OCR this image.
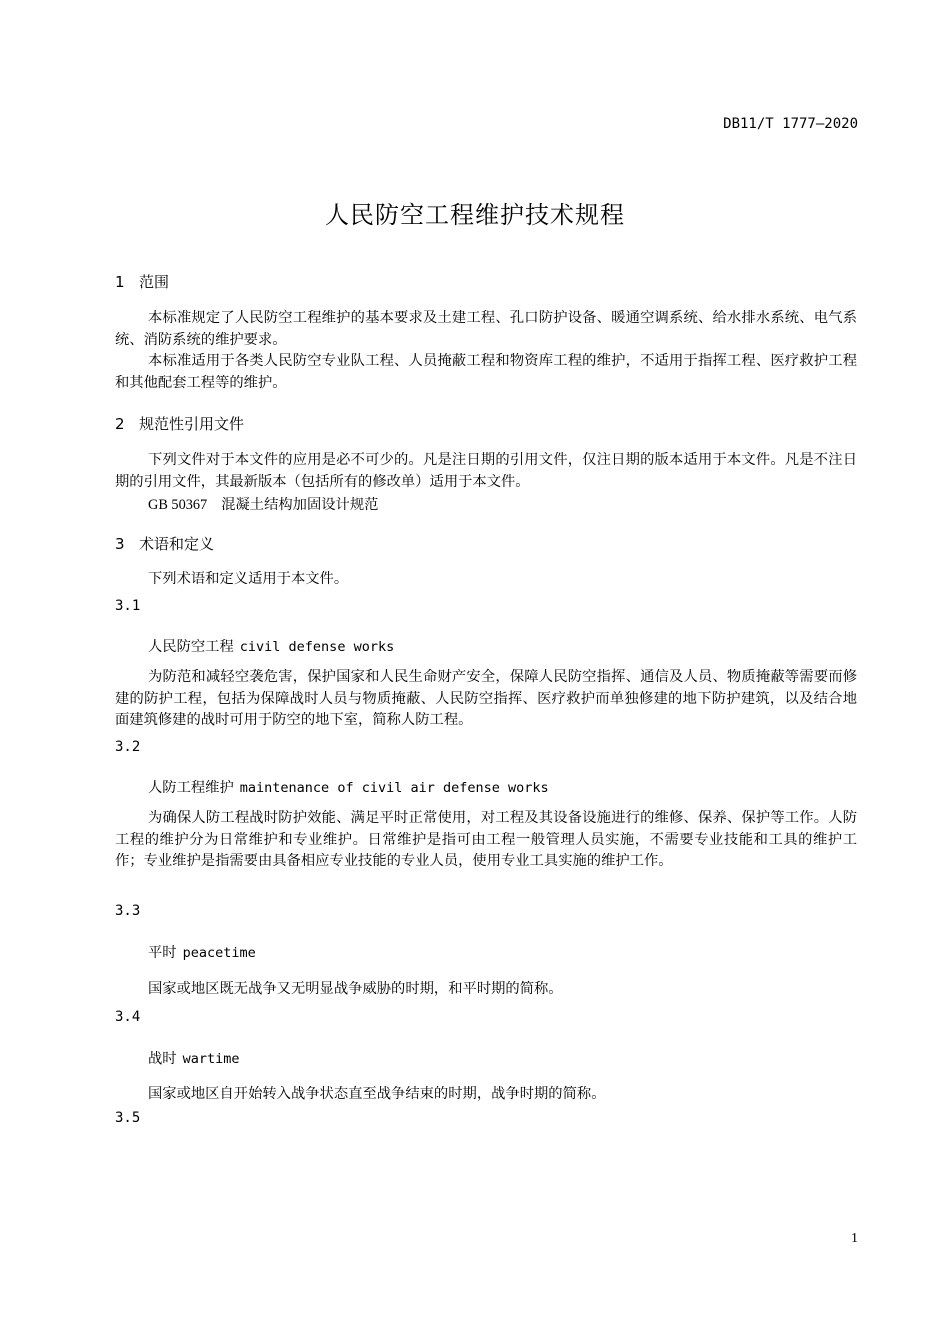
DB11/T 1777—2020
人民防空工程维护技术规程
1 范围

本标准规定了人民防空工程维护的基本要求及土建工程、孔口防护设备、暖通空调系统、给水排水系统、电气系统、消防系统的维护要求。

本标准适用于各类人民防空专业队工程、人员掩蔽工程和物资库工程的维护，不适用于指挥工程、医疗救护工程和其他配套工程等的维护。

2 规范性引用文件

下列文件对于本文件的应用是必不可少的。凡是注日期的引用文件，仅注日期的版本适用于本文件。凡是不注日期的引用文件，其最新版本（包括所有的修改单）适用于本文件。

GB 50367 混凝土结构加固设计规范
3 术语和定义

下列术语和定义适用于本文件。

3.1
人民防空工程 civil defense works

为防范和减轻空袭危害，保护国家和人民生命财产安全，保障人民防空指挥、通信及人员、物质掩蔽等需要而修建的防护工程，包括为保障战时人员与物质掩蔽、人民防空指挥、医疗救护而单独修建的地下防护建筑，以及结合地面建筑修建的战时可用于防空的地下室，简称人防工程。

3.2
人防工程维护 maintenance of civil air defense works

为确保人防工程战时防护效能、满足平时正常使用，对工程及其设备设施进行的维修、保养、保护等工作。人防工程的维护分为日常维护和专业维护。日常维护是指可由工程一般管理人员实施，不需要专业技能和工具的维护工作；专业维护是指需要由具备相应专业技能的专业人员，使用专业工具实施的维护工作。

3.3
平时 peacetime

国家或地区既无战争又无明显战争威胁的时期，和平时期的简称。

3.4
战时 wartime

国家或地区自开始转入战争状态直至战争结束的时期，战争时期的简称。

3.5
1
